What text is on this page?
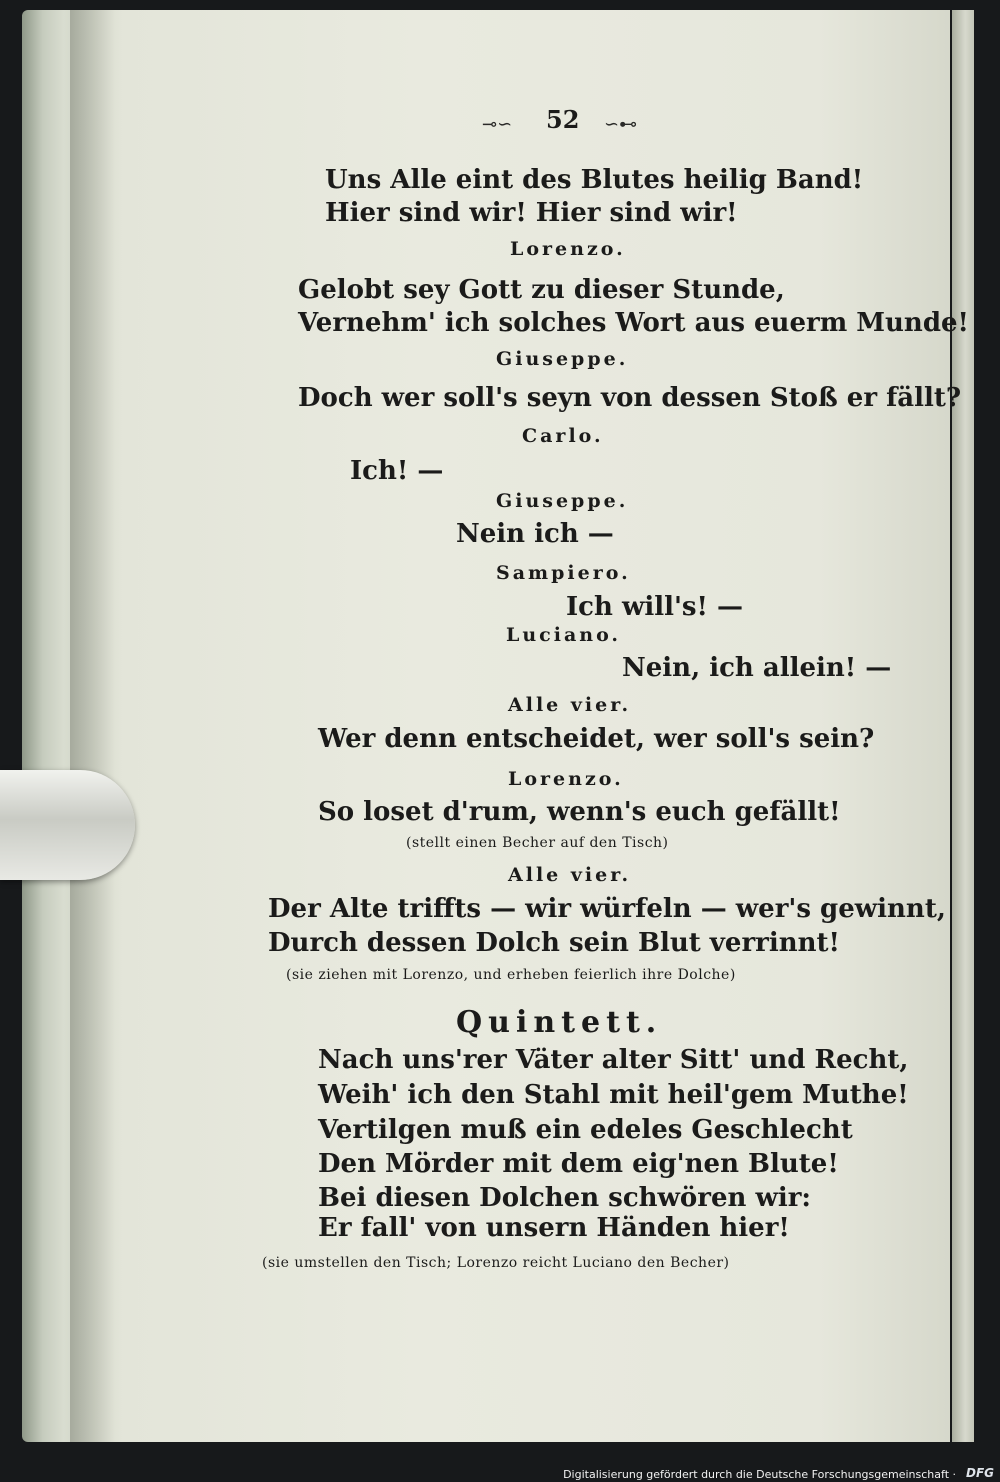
⊸∽ 52 ∽⊷
Uns Alle eint des Blutes heilig Band!
Hier sind wir! Hier sind wir!
Lorenzo.
Gelobt sey Gott zu dieser Stunde,
Vernehm' ich solches Wort aus euerm Munde!
Giuseppe.
Doch wer soll's seyn von dessen Stoß er fällt?
Carlo.
Ich! —
Giuseppe.
Nein ich —
Sampiero.
Ich will's! —
Luciano.
Nein, ich allein! —
Alle vier.
Wer denn entscheidet, wer soll's sein?
Lorenzo.
So loset d'rum, wenn's euch gefällt!
(stellt einen Becher auf den Tisch)
Alle vier.
Der Alte triffts — wir würfeln — wer's gewinnt,
Durch dessen Dolch sein Blut verrinnt!
(sie ziehen mit Lorenzo, und erheben feierlich ihre Dolche)
Quintett.
Nach uns'rer Väter alter Sitt' und Recht,
Weih' ich den Stahl mit heil'gem Muthe!
Vertilgen muß ein edeles Geschlecht
Den Mörder mit dem eig'nen Blute!
Bei diesen Dolchen schwören wir:
Er fall' von unsern Händen hier!
(sie umstellen den Tisch; Lorenzo reicht Luciano den Becher)
Digitalisierung gefördert durch die Deutsche Forschungsgemeinschaft · DFG
